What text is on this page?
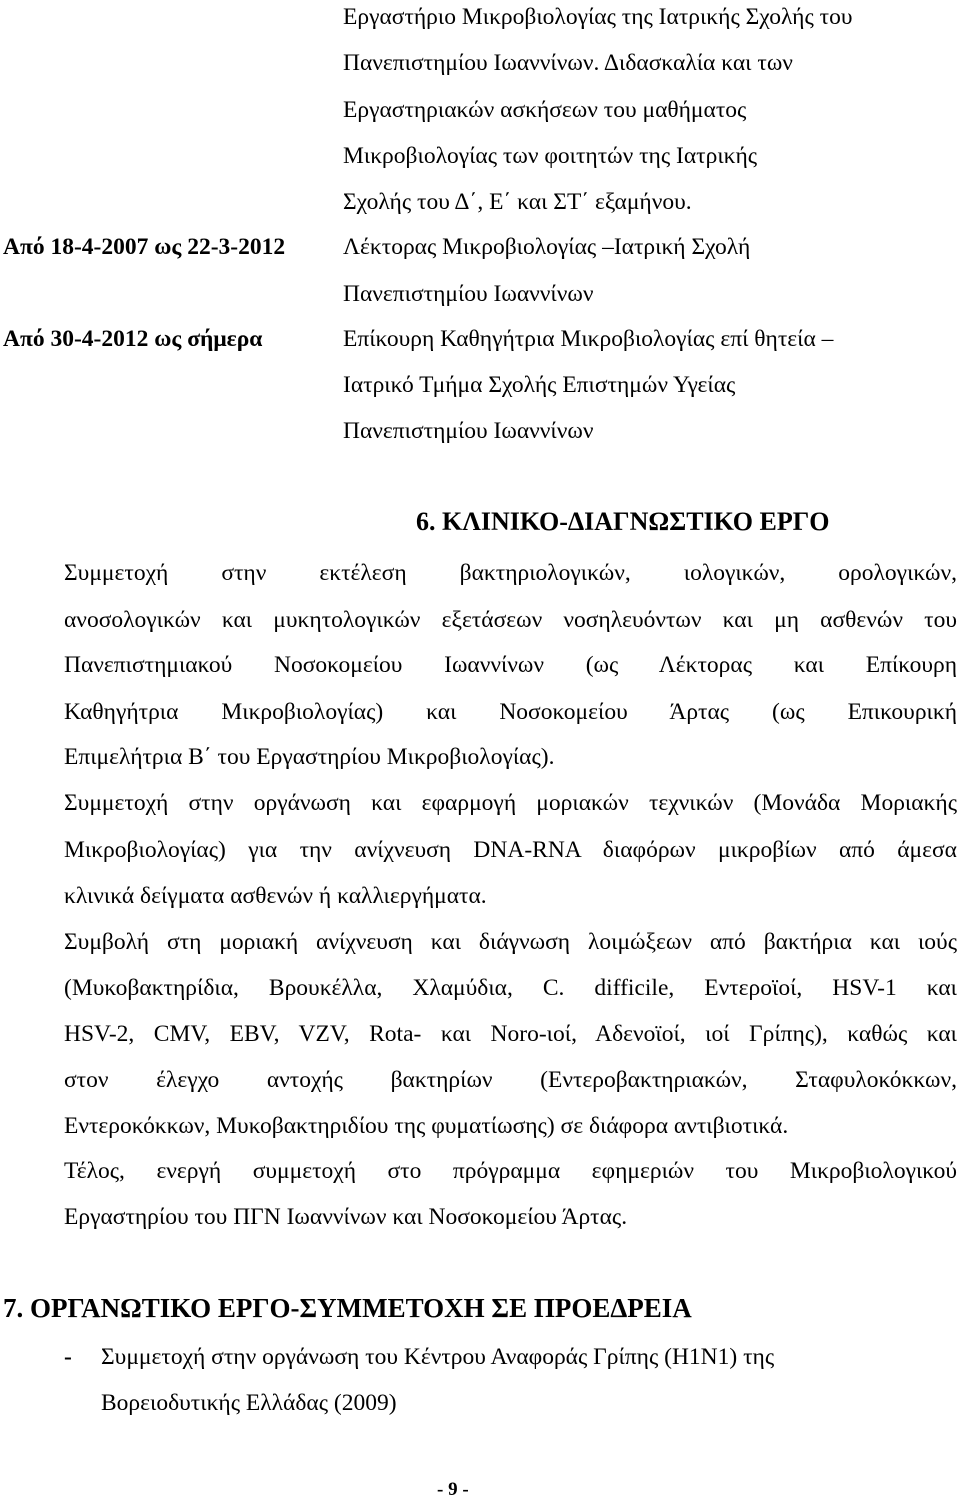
Εργαστήριο Μικροβιολογίας της Ιατρικής Σχολής του
Πανεπιστημίου Ιωαννίνων. Διδασκαλία και των
Εργαστηριακών ασκήσεων του μαθήματος
Μικροβιολογίας των φοιτητών της Ιατρικής
Σχολής του Δ΄, Ε΄ και ΣΤ΄ εξαμήνου.
Από 18-4-2007 ως 22-3-2012 Λέκτορας Μικροβιολογίας –Ιατρική Σχολή
Πανεπιστημίου Ιωαννίνων
Από 30-4-2012 ως σήμερα	Επίκουρη Καθηγήτρια Μικροβιολογίας επί θητεία –
Ιατρικό Τμήμα Σχολής Επιστημών Υγείας
Πανεπιστημίου Ιωαννίνων
6. ΚΛΙΝΙΚΟ-ΔΙΑΓΝΩΣΤΙΚΟ ΕΡΓΟ
Συμμετοχή στην εκτέλεση βακτηριολογικών, ιολογικών, ορολογικών,
ανοσολογικών και μυκητολογικών εξετάσεων νοσηλευόντων και μη ασθενών του
Πανεπιστημιακού Νοσοκομείου Ιωαννίνων (ως Λέκτορας και Επίκουρη
Καθηγήτρια Μικροβιολογίας) και Νοσοκομείου Άρτας (ως Επικουρική
Επιμελήτρια Β΄ του Εργαστηρίου Μικροβιολογίας).
Συμμετοχή στην οργάνωση και εφαρμογή μοριακών τεχνικών (Μονάδα Μοριακής
Μικροβιολογίας) για την ανίχνευση DNA-RNA διαφόρων μικροβίων από άμεσα
κλινικά δείγματα ασθενών ή καλλιεργήματα.
Συμβολή στη μοριακή ανίχνευση και διάγνωση λοιμώξεων από βακτήρια και ιούς
(Μυκοβακτηρίδια, Βρουκέλλα, Χλαμύδια, C. difficile, Εντεροϊοί, HSV-1 και
HSV-2, CMV, EBV, VZV, Rota- και Noro-ιοί, Αδενοϊοί, ιοί Γρίπης), καθώς και
στον έλεγχο αντοχής βακτηρίων (Εντεροβακτηριακών, Σταφυλοκόκκων,
Εντεροκόκκων, Μυκοβακτηριδίου της φυματίωσης) σε διάφορα αντιβιοτικά.
Τέλος, ενεργή συμμετοχή στο πρόγραμμα εφημεριών του Μικροβιολογικού
Εργαστηρίου του ΠΓΝ Ιωαννίνων και Νοσοκομείου Άρτας.
7. ΟΡΓΑΝΩΤΙΚΟ ΕΡΓΟ-ΣΥΜΜΕΤΟΧΗ ΣΕ ΠΡΟΕΔΡΕΙΑ
- Συμμετοχή στην οργάνωση του Κέντρου Αναφοράς Γρίπης (H1N1) της
Βορειοδυτικής Ελλάδας (2009)
- 9 -
